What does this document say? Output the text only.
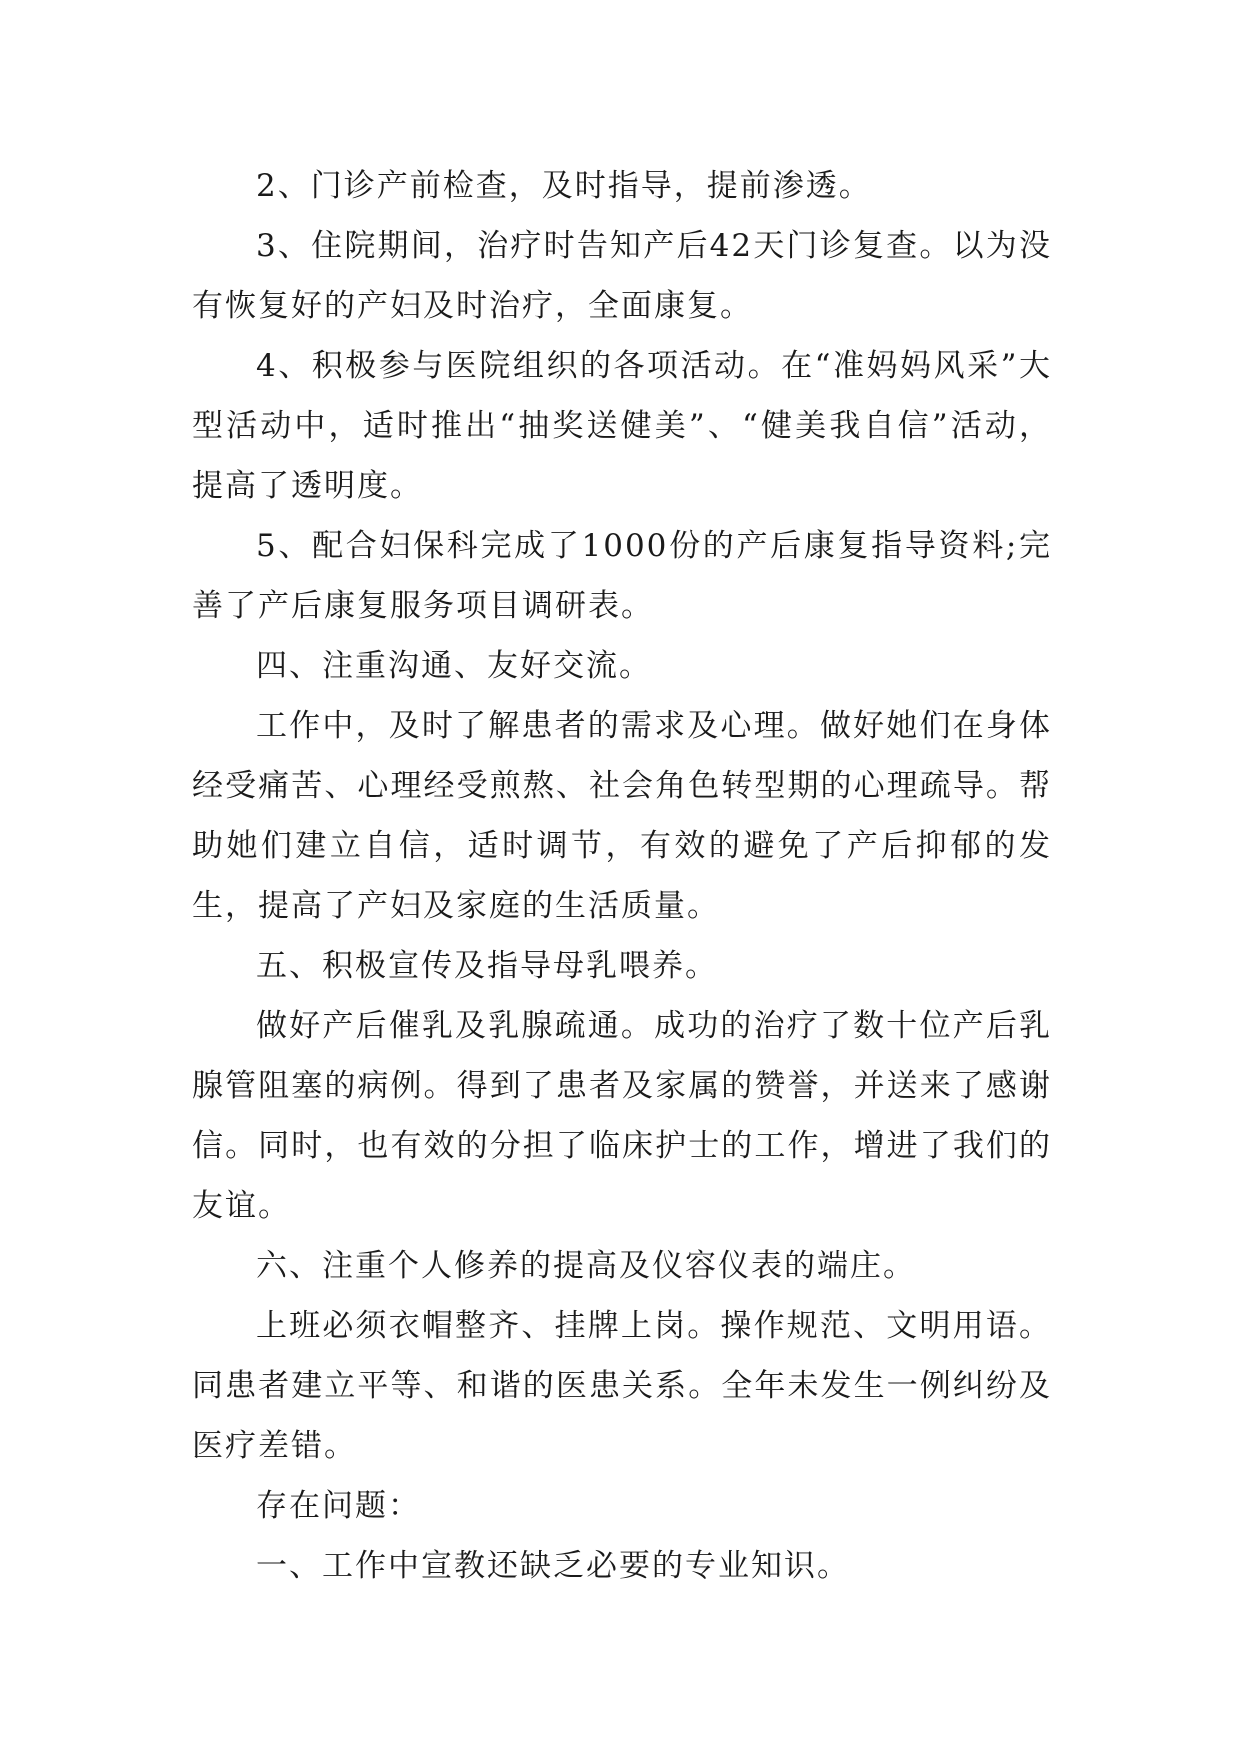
2、门诊产前检查，及时指导，提前渗透。

3、住院期间，治疗时告知产后42天门诊复查。以为没有恢复好的产妇及时治疗，全面康复。

4、积极参与医院组织的各项活动。在“准妈妈风采”大型活动中，适时推出“抽奖送健美”、“健美我自信”活动，提高了透明度。

5、配合妇保科完成了1000份的产后康复指导资料;完善了产后康复服务项目调研表。

四、注重沟通、友好交流。

工作中，及时了解患者的需求及心理。做好她们在身体经受痛苦、心理经受煎熬、社会角色转型期的心理疏导。帮助她们建立自信，适时调节，有效的避免了产后抑郁的发生，提高了产妇及家庭的生活质量。

五、积极宣传及指导母乳喂养。

做好产后催乳及乳腺疏通。成功的治疗了数十位产后乳腺管阻塞的病例。得到了患者及家属的赞誉，并送来了感谢信。同时，也有效的分担了临床护士的工作，增进了我们的友谊。

六、注重个人修养的提高及仪容仪表的端庄。

上班必须衣帽整齐、挂牌上岗。操作规范、文明用语。同患者建立平等、和谐的医患关系。全年未发生一例纠纷及医疗差错。

存在问题：

一、工作中宣教还缺乏必要的专业知识。
